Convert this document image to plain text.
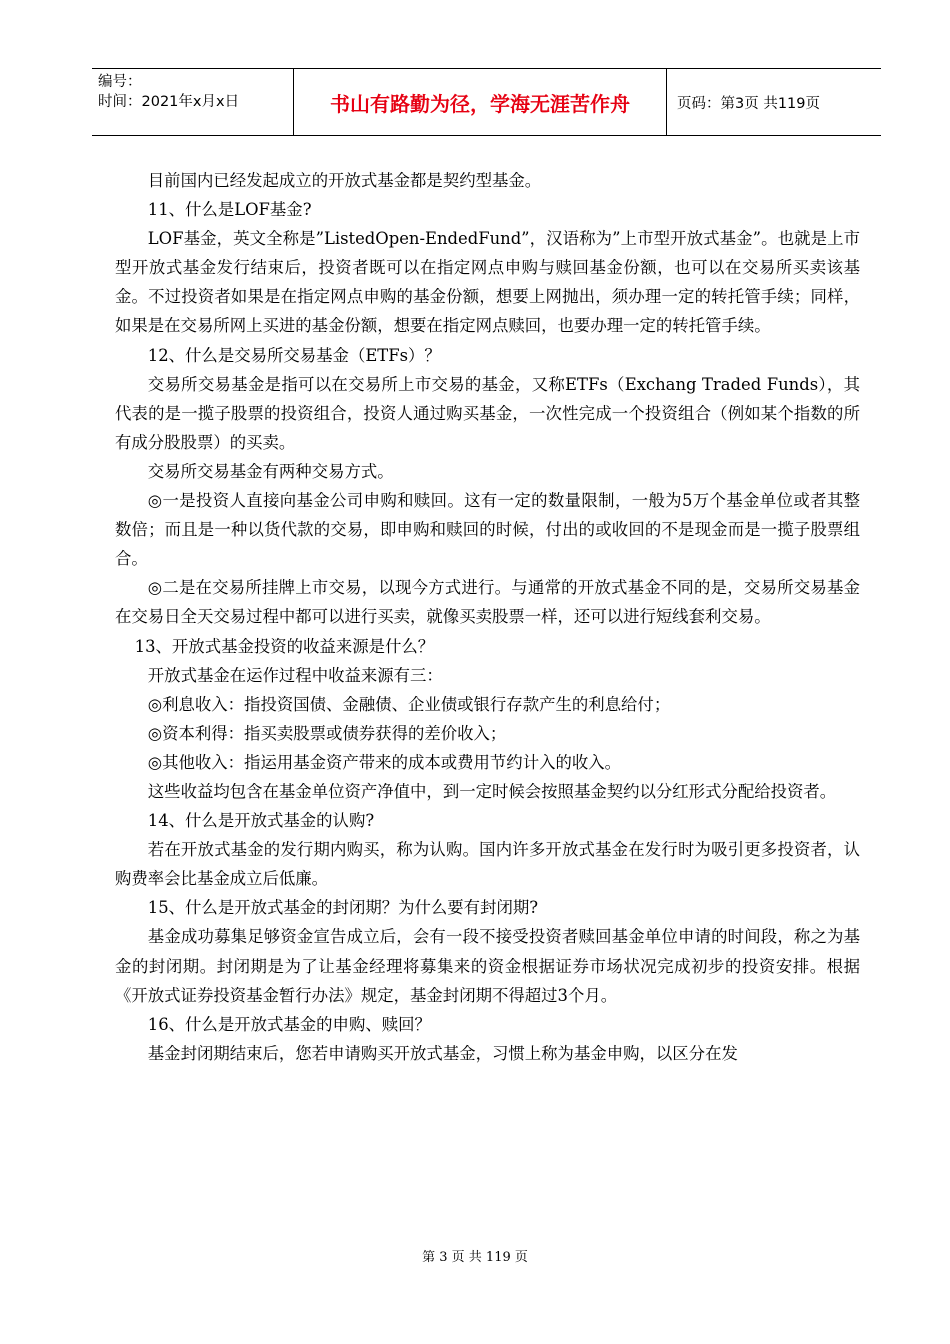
编号：
时间：2021年x月x日	书山有路勤为径，学海无涯苦作舟	页码：第3页 共119页

目前国内已经发起成立的开放式基金都是契约型基金。

11、什么是LOF基金?

LOF基金，英文全称是”ListedOpen-EndedFund”，汉语称为”上市型开放式基金”。也就是上市型开放式基金发行结束后，投资者既可以在指定网点申购与赎回基金份额，也可以在交易所买卖该基金。不过投资者如果是在指定网点申购的基金份额，想要上网抛出，须办理一定的转托管手续；同样，如果是在交易所网上买进的基金份额，想要在指定网点赎回，也要办理一定的转托管手续。

12、什么是交易所交易基金（ETFs）？

交易所交易基金是指可以在交易所上市交易的基金，又称ETFs（Exchang Traded Funds），其代表的是一揽子股票的投资组合，投资人通过购买基金，一次性完成一个投资组合（例如某个指数的所有成分股股票）的买卖。

交易所交易基金有两种交易方式。

◎一是投资人直接向基金公司申购和赎回。这有一定的数量限制，一般为5万个基金单位或者其整数倍；而且是一种以货代款的交易，即申购和赎回的时候，付出的或收回的不是现金而是一揽子股票组合。

◎二是在交易所挂牌上市交易，以现今方式进行。与通常的开放式基金不同的是，交易所交易基金在交易日全天交易过程中都可以进行买卖，就像买卖股票一样，还可以进行短线套利交易。

13、开放式基金投资的收益来源是什么？

开放式基金在运作过程中收益来源有三：

◎利息收入：指投资国债、金融债、企业债或银行存款产生的利息给付；

◎资本利得：指买卖股票或债券获得的差价收入；

◎其他收入：指运用基金资产带来的成本或费用节约计入的收入。

这些收益均包含在基金单位资产净值中，到一定时候会按照基金契约以分红形式分配给投资者。

14、什么是开放式基金的认购?

若在开放式基金的发行期内购买，称为认购。国内许多开放式基金在发行时为吸引更多投资者，认购费率会比基金成立后低廉。

15、什么是开放式基金的封闭期？为什么要有封闭期?

基金成功募集足够资金宣告成立后，会有一段不接受投资者赎回基金单位申请的时间段，称之为基金的封闭期。封闭期是为了让基金经理将募集来的资金根据证券市场状况完成初步的投资安排。根据《开放式证券投资基金暂行办法》规定，基金封闭期不得超过3个月。

16、什么是开放式基金的申购、赎回？

基金封闭期结束后，您若申请购买开放式基金，习惯上称为基金申购，以区分在发

第 3 页 共 119 页
